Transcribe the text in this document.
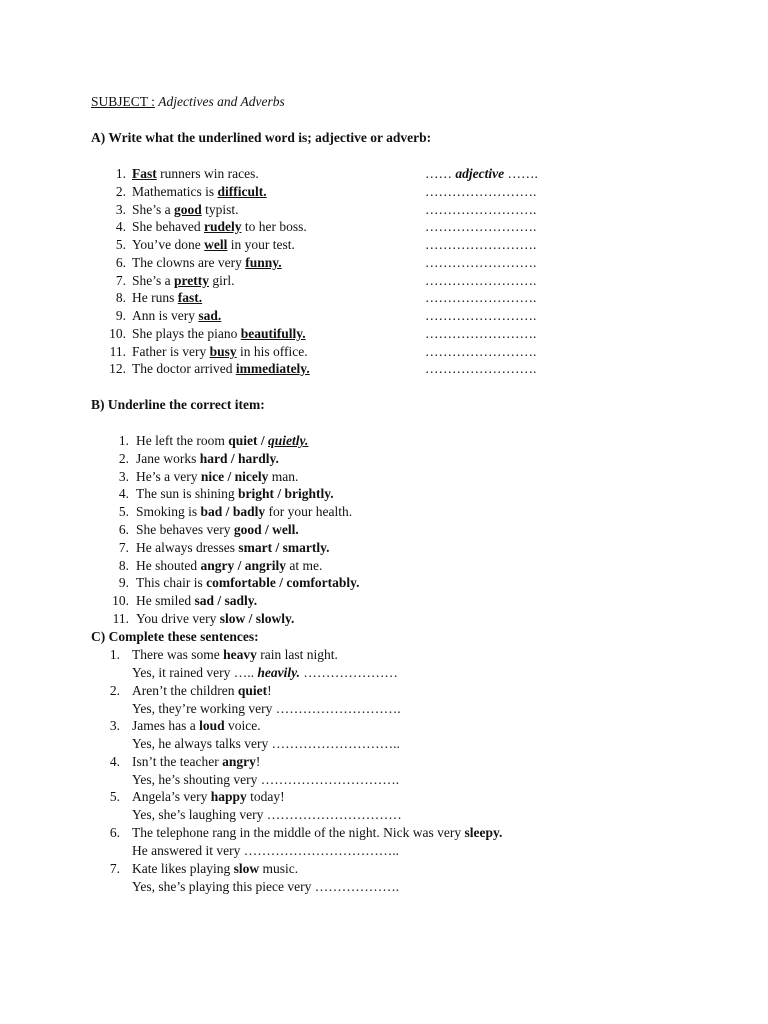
SUBJECT : Adjectives and Adverbs
A) Write what the underlined word is; adjective or adverb:
1. Fast runners win races.	…… adjective …….
2. Mathematics is difficult.	…………………….
3. She’s a good typist.	…………………….
4. She behaved rudely to her boss.	…………………….
5. You’ve done well in your test.	…………………….
6. The clowns are very funny.	…………………….
7. She’s a pretty girl.	…………………….
8. He runs fast.	…………………….
9. Ann is very sad.	…………………….
10. She plays the piano beautifully.	…………………….
11. Father is very busy in his office.	…………………….
12. The doctor arrived immediately.	…………………….
B) Underline the correct item:
1. He left the room quiet / quietly.
2. Jane works hard / hardly.
3. He’s a very nice / nicely man.
4. The sun is shining bright / brightly.
5. Smoking is bad / badly for your health.
6. She behaves very good / well.
7. He always dresses smart / smartly.
8. He shouted angry / angrily at me.
9. This chair is comfortable / comfortably.
10. He smiled sad / sadly.
11. You drive very slow / slowly.
C) Complete these sentences:
1. There was some heavy rain last night.
Yes, it rained very ….. heavily. …………………
2. Aren’t the children quiet!
Yes, they’re working very ……………………….
3. James has a loud voice.
Yes, he always talks very ………………………..
4. Isn’t the teacher angry!
Yes, he’s shouting very ………………………….
5. Angela’s very happy today!
Yes, she’s laughing very …………………………
6. The telephone rang in the middle of the night. Nick was very sleepy.
He answered it very ……………………………..
7. Kate likes playing slow music.
Yes, she’s playing this piece very ……………….
